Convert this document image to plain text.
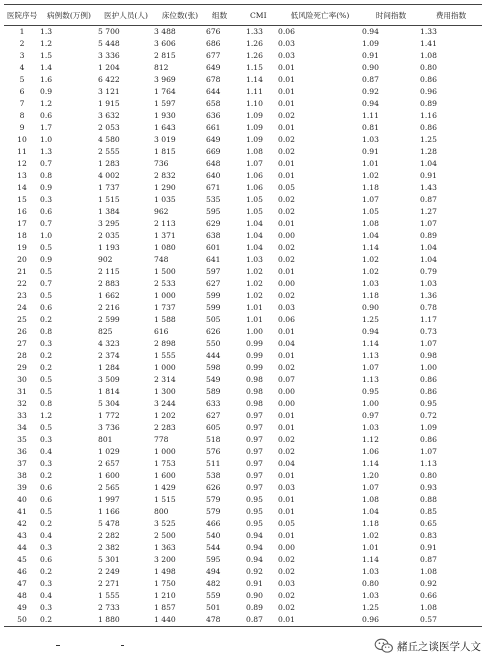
医院序号	病例数(万例)	医护人员(人)	床位数(张)	组数	CMI	低风险死亡率(%)	时间指数	费用指数
1	1.3	5 700	3 488	676	1.33	0.06	0.94	1.33
2	1.2	5 448	3 606	686	1.26	0.03	1.09	1.41
3	1.5	3 336	2 815	677	1.26	0.03	0.91	1.08
4	1.4	1 204	812	649	1.15	0.01	0.90	0.80
5	1.6	6 422	3 969	678	1.14	0.01	0.87	0.86
6	0.9	3 121	1 764	644	1.11	0.01	0.92	0.96
7	1.2	1 915	1 597	658	1.10	0.01	0.94	0.89
8	0.6	3 632	1 930	636	1.09	0.02	1.11	1.16
9	1.7	2 053	1 643	661	1.09	0.01	0.81	0.86
10	1.0	4 580	3 019	649	1.09	0.02	1.03	1.25
11	1.3	2 555	1 815	669	1.08	0.02	0.91	1.28
12	0.7	1 283	736	648	1.07	0.01	1.01	1.04
13	0.8	4 002	2 832	640	1.06	0.01	1.02	0.91
14	0.9	1 737	1 290	671	1.06	0.05	1.18	1.43
15	0.3	1 515	1 035	535	1.05	0.02	1.07	0.87
16	0.6	1 384	962	595	1.05	0.02	1.05	1.27
17	0.7	3 295	2 113	629	1.04	0.01	1.08	1.07
18	1.0	2 035	1 371	638	1.04	0.00	1.04	0.89
19	0.5	1 193	1 080	601	1.04	0.02	1.14	1.04
20	0.9	902	748	641	1.03	0.02	1.02	1.04
21	0.5	2 115	1 500	597	1.02	0.01	1.02	0.79
22	0.7	2 883	2 533	627	1.02	0.00	1.03	1.03
23	0.5	1 662	1 000	599	1.02	0.02	1.18	1.36
24	0.6	2 216	1 737	599	1.01	0.03	0.90	0.78
25	0.2	2 599	1 588	505	1.01	0.06	1.25	1.17
26	0.8	825	616	626	1.00	0.01	0.94	0.73
27	0.3	4 323	2 898	550	0.99	0.04	1.14	1.07
28	0.2	2 374	1 555	444	0.99	0.01	1.13	0.98
29	0.2	1 284	1 000	598	0.99	0.02	1.07	1.00
30	0.5	3 509	2 314	549	0.98	0.07	1.13	0.86
31	0.5	1 814	1 300	589	0.98	0.00	0.95	0.86
32	0.8	5 304	3 244	633	0.98	0.00	1.00	0.95
33	1.2	1 772	1 202	627	0.97	0.01	0.97	0.72
34	0.5	3 736	2 283	605	0.97	0.01	1.03	1.09
35	0.3	801	778	518	0.97	0.02	1.12	0.86
36	0.4	1 029	1 000	576	0.97	0.02	1.06	1.07
37	0.3	2 657	1 753	511	0.97	0.04	1.14	1.13
38	0.2	1 600	1 600	538	0.97	0.01	1.20	0.80
39	0.6	2 565	1 429	626	0.97	0.03	1.07	0.93
40	0.6	1 997	1 515	579	0.95	0.01	1.08	0.88
41	0.5	1 166	800	579	0.95	0.01	1.04	0.85
42	0.2	5 478	3 525	466	0.95	0.05	1.18	0.65
43	0.4	2 282	2 500	540	0.94	0.01	1.02	0.83
44	0.3	2 382	1 363	544	0.94	0.00	1.01	0.91
45	0.6	5 301	3 200	595	0.94	0.02	1.14	0.87
46	0.2	2 249	1 498	494	0.92	0.02	1.03	1.08
47	0.3	2 271	1 750	482	0.91	0.03	0.80	0.92
48	0.4	1 555	1 210	559	0.90	0.02	1.03	0.66
49	0.3	2 733	1 857	501	0.89	0.02	1.25	1.08
50	0.2	1 880	1 440	478	0.87	0.01	0.96	0.57
赭丘之谈医学人文
